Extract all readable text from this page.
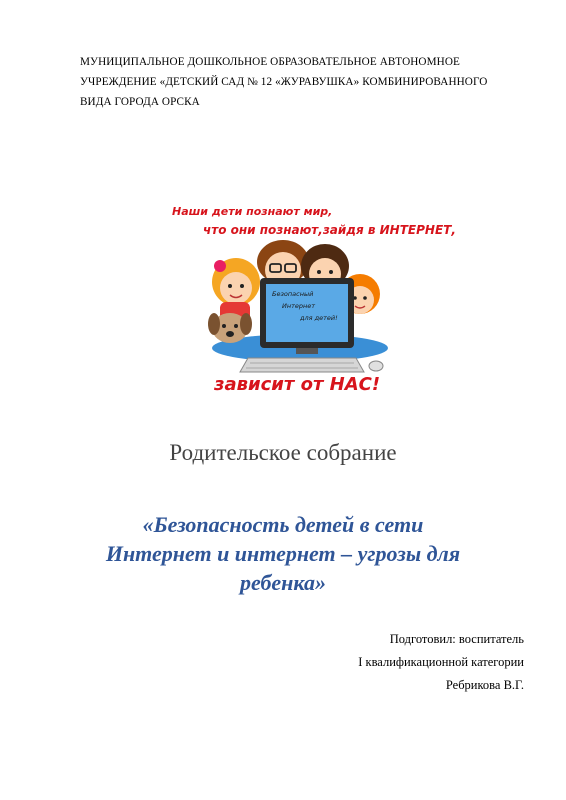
МУНИЦИПАЛЬНОЕ ДОШКОЛЬНОЕ ОБРАЗОВАТЕЛЬНОЕ АВТОНОМНОЕ
УЧРЕЖДЕНИЕ «ДЕТСКИЙ САД № 12 «ЖУРАВУШКА» КОМБИНИРОВАННОГО
ВИДА ГОРОДА ОРСКА
Безопасный
Интернет
для детей!
Наши дети познают мир,
что они познают,зайдя в ИНТЕРНЕТ,
зависит от НАС!
Родительское собрание
«Безопасность детей в сети
Интернет и интернет – угрозы для
ребенка»
Подготовил: воспитатель
I квалификационной категории
Ребрикова В.Г.
